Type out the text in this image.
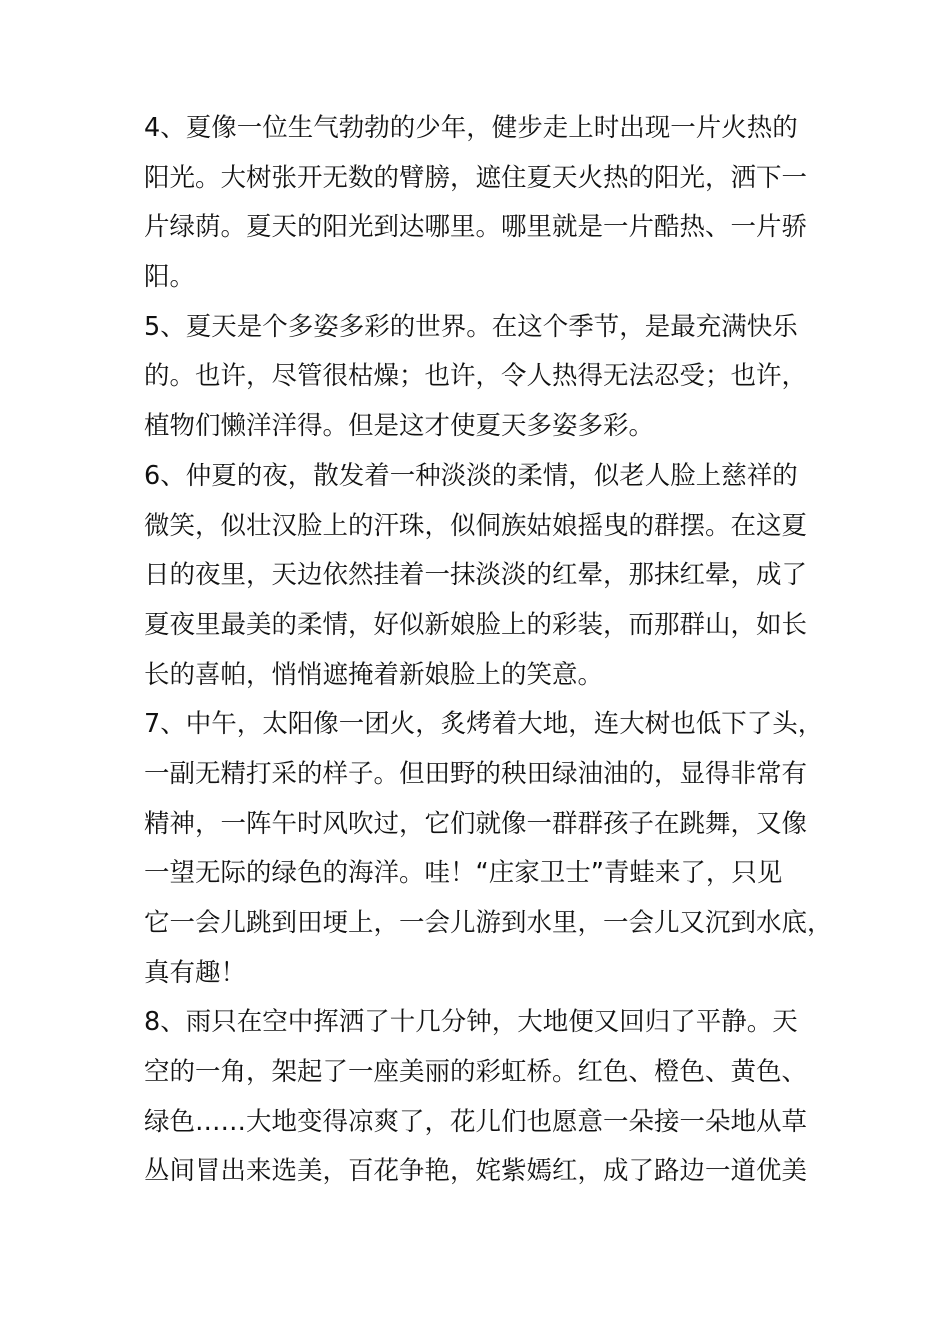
4、夏像一位生气勃勃的少年，健步走上时出现一片火热的
阳光。大树张开无数的臂膀，遮住夏天火热的阳光，洒下一
片绿荫。夏天的阳光到达哪里。哪里就是一片酷热、一片骄
阳。
5、夏天是个多姿多彩的世界。在这个季节，是最充满快乐
的。也许，尽管很枯燥；也许，令人热得无法忍受；也许，
植物们懒洋洋得。但是这才使夏天多姿多彩。
6、仲夏的夜，散发着一种淡淡的柔情，似老人脸上慈祥的
微笑，似壮汉脸上的汗珠，似侗族姑娘摇曳的群摆。在这夏
日的夜里，天边依然挂着一抹淡淡的红晕，那抹红晕，成了
夏夜里最美的柔情，好似新娘脸上的彩装，而那群山，如长
长的喜帕，悄悄遮掩着新娘脸上的笑意。
7、中午，太阳像一团火，炙烤着大地，连大树也低下了头，
一副无精打采的样子。但田野的秧田绿油油的，显得非常有
精神，一阵午时风吹过，它们就像一群群孩子在跳舞，又像
一望无际的绿色的海洋。哇！“庄家卫士”青蛙来了，只见
它一会儿跳到田埂上，一会儿游到水里，一会儿又沉到水底，
真有趣！
8、雨只在空中挥洒了十几分钟，大地便又回归了平静。天
空的一角，架起了一座美丽的彩虹桥。红色、橙色、黄色、
绿色……大地变得凉爽了，花儿们也愿意一朵接一朵地从草
丛间冒出来选美，百花争艳，姹紫嫣红，成了路边一道优美
